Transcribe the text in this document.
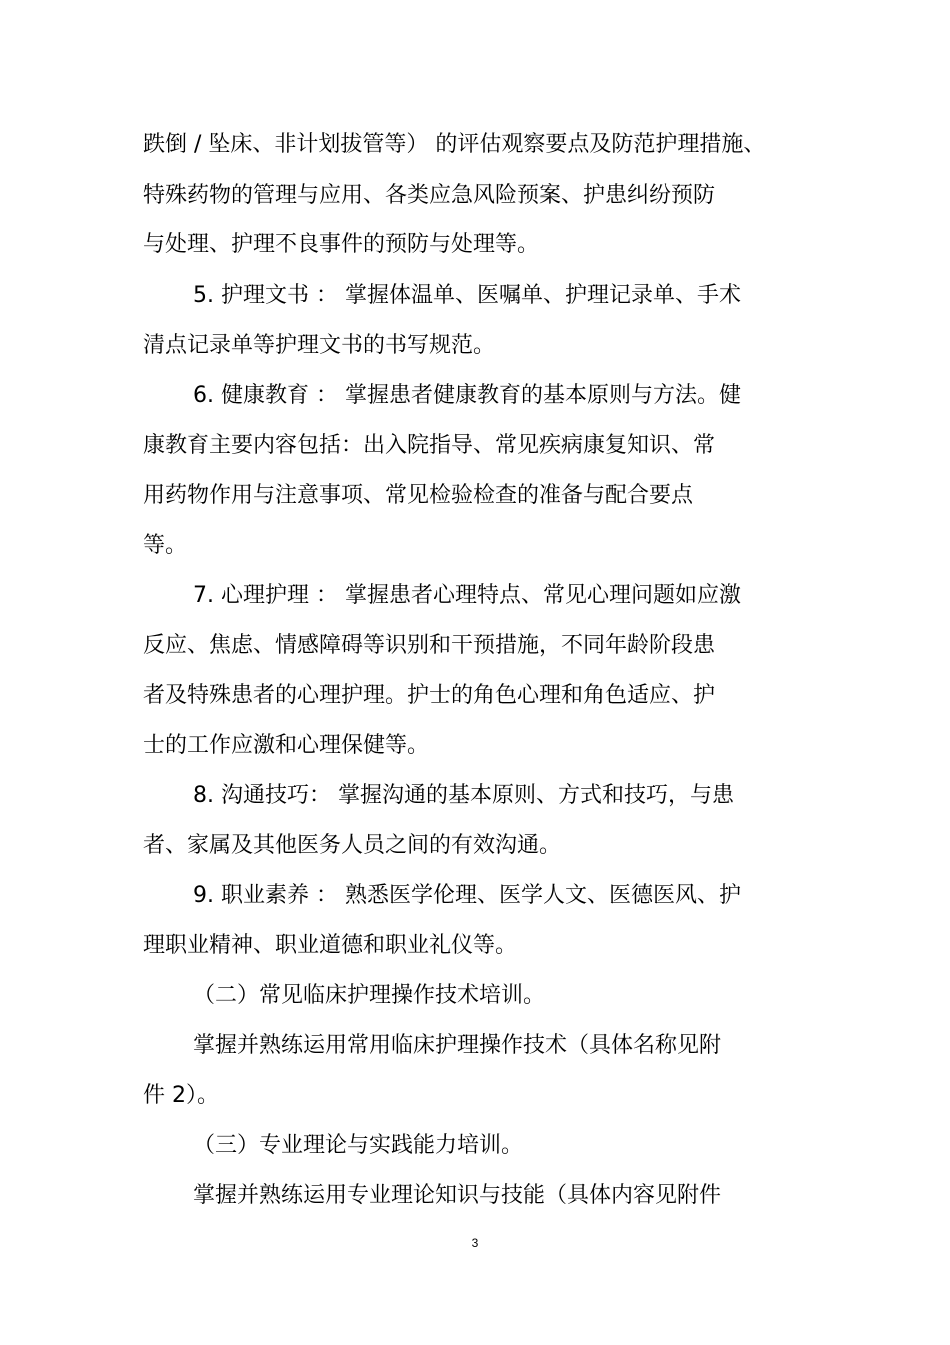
跌倒 / 坠床、非计划拔管等） 的评估观察要点及防范护理措施、
特殊药物的管理与应用、各类应急风险预案、护患纠纷预防
与处理、护理不良事件的预防与处理等。
5. 护理文书 ： 掌握体温单、医嘱单、护理记录单、手术
清点记录单等护理文书的书写规范。
6. 健康教育 ： 掌握患者健康教育的基本原则与方法。健
康教育主要内容包括：出入院指导、常见疾病康复知识、常
用药物作用与注意事项、常见检验检查的准备与配合要点
等。
7. 心理护理 ： 掌握患者心理特点、常见心理问题如应激
反应、焦虑、情感障碍等识别和干预措施，不同年龄阶段患
者及特殊患者的心理护理。护士的角色心理和角色适应、护
士的工作应激和心理保健等。
8. 沟通技巧： 掌握沟通的基本原则、方式和技巧，与患
者、家属及其他医务人员之间的有效沟通。
9. 职业素养 ： 熟悉医学伦理、医学人文、医德医风、护
理职业精神、职业道德和职业礼仪等。
（二）常见临床护理操作技术培训。
掌握并熟练运用常用临床护理操作技术（具体名称见附
件 2）。
（三）专业理论与实践能力培训。
掌握并熟练运用专业理论知识与技能（具体内容见附件
3
